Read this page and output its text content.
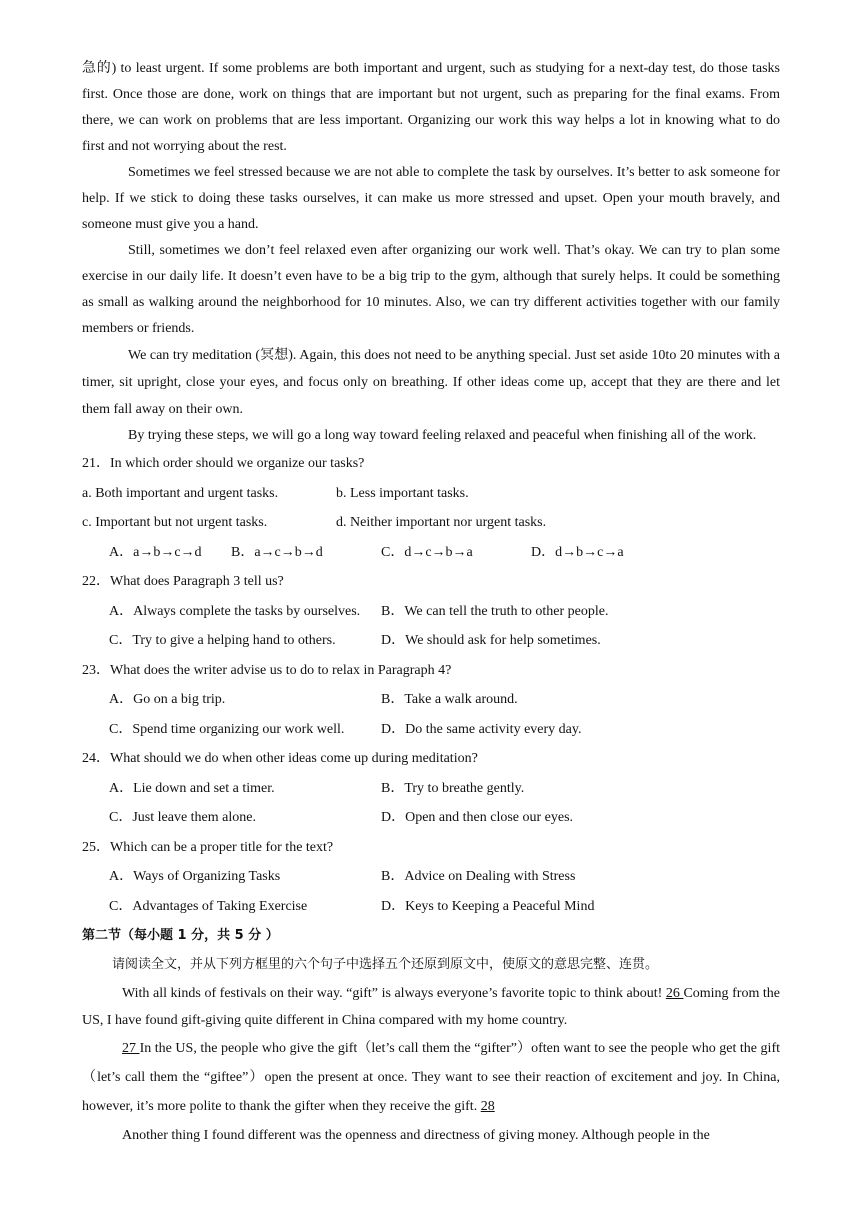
急的) to least urgent. If some problems are both important and urgent, such as studying for a next-day test, do those tasks first. Once those are done, work on things that are important but not urgent, such as preparing for the final exams. From there, we can work on problems that are less important. Organizing our work this way helps a lot in knowing what to do first and not worrying about the rest.

Sometimes we feel stressed because we are not able to complete the task by ourselves. It’s better to ask someone for help. If we stick to doing these tasks ourselves, it can make us more stressed and upset. Open your mouth bravely, and someone must give you a hand.

Still, sometimes we don’t feel relaxed even after organizing our work well. That’s okay. We can try to plan some exercise in our daily life. It doesn’t even have to be a big trip to the gym, although that surely helps. It could be something as small as walking around the neighborhood for 10 minutes. Also, we can try different activities together with our family members or friends.

We can try meditation (冥想). Again, this does not need to be anything special. Just set aside 10to 20 minutes with a timer, sit upright, close your eyes, and focus only on breathing. If other ideas come up, accept that they are there and let them fall away on their own.

By trying these steps, we will go a long way toward feeling relaxed and peaceful when finishing all of the work.

21．In which order should we organize our tasks?

a. Both important and urgent tasks.	b. Less important tasks.
c. Important but not urgent tasks.	d. Neither important nor urgent tasks.
A．a→b→c→d	B．a→c→b→d	C．d→c→b→a	D．d→b→c→a

22．What does Paragraph 3 tell us?

A．Always complete the tasks by ourselves.	B．We can tell the truth to other people.
C．Try to give a helping hand to others.	D．We should ask for help sometimes.

23．What does the writer advise us to do to relax in Paragraph 4?

A．Go on a big trip.	B．Take a walk around.
C．Spend time organizing our work well.	D．Do the same activity every day.

24．What should we do when other ideas come up during meditation?

A．Lie down and set a timer.	B．Try to breathe gently.
C．Just leave them alone.	D．Open and then close our eyes.

25．Which can be a proper title for the text?

A．Ways of Organizing Tasks	B．Advice on Dealing with Stress
C．Advantages of Taking Exercise	D．Keys to Keeping a Peaceful Mind

第二节（每小题 1 分，共 5 分 ）

请阅读全文，并从下列方框里的六个句子中选择五个还原到原文中，使原文的意思完整、连贯。

With all kinds of festivals on their way. “gift” is always everyone’s favorite topic to think about! 26 Coming from the US, I have found gift-giving quite different in China compared with my home country.

27 In the US, the people who give the gift（let’s call them the “gifter”）often want to see the people who get the gift（let’s call them the “giftee”）open the present at once. They want to see their reaction of excitement and joy. In China, however, it’s more polite to thank the gifter when they receive the gift. 28

Another thing I found different was the openness and directness of giving money. Although people in the
